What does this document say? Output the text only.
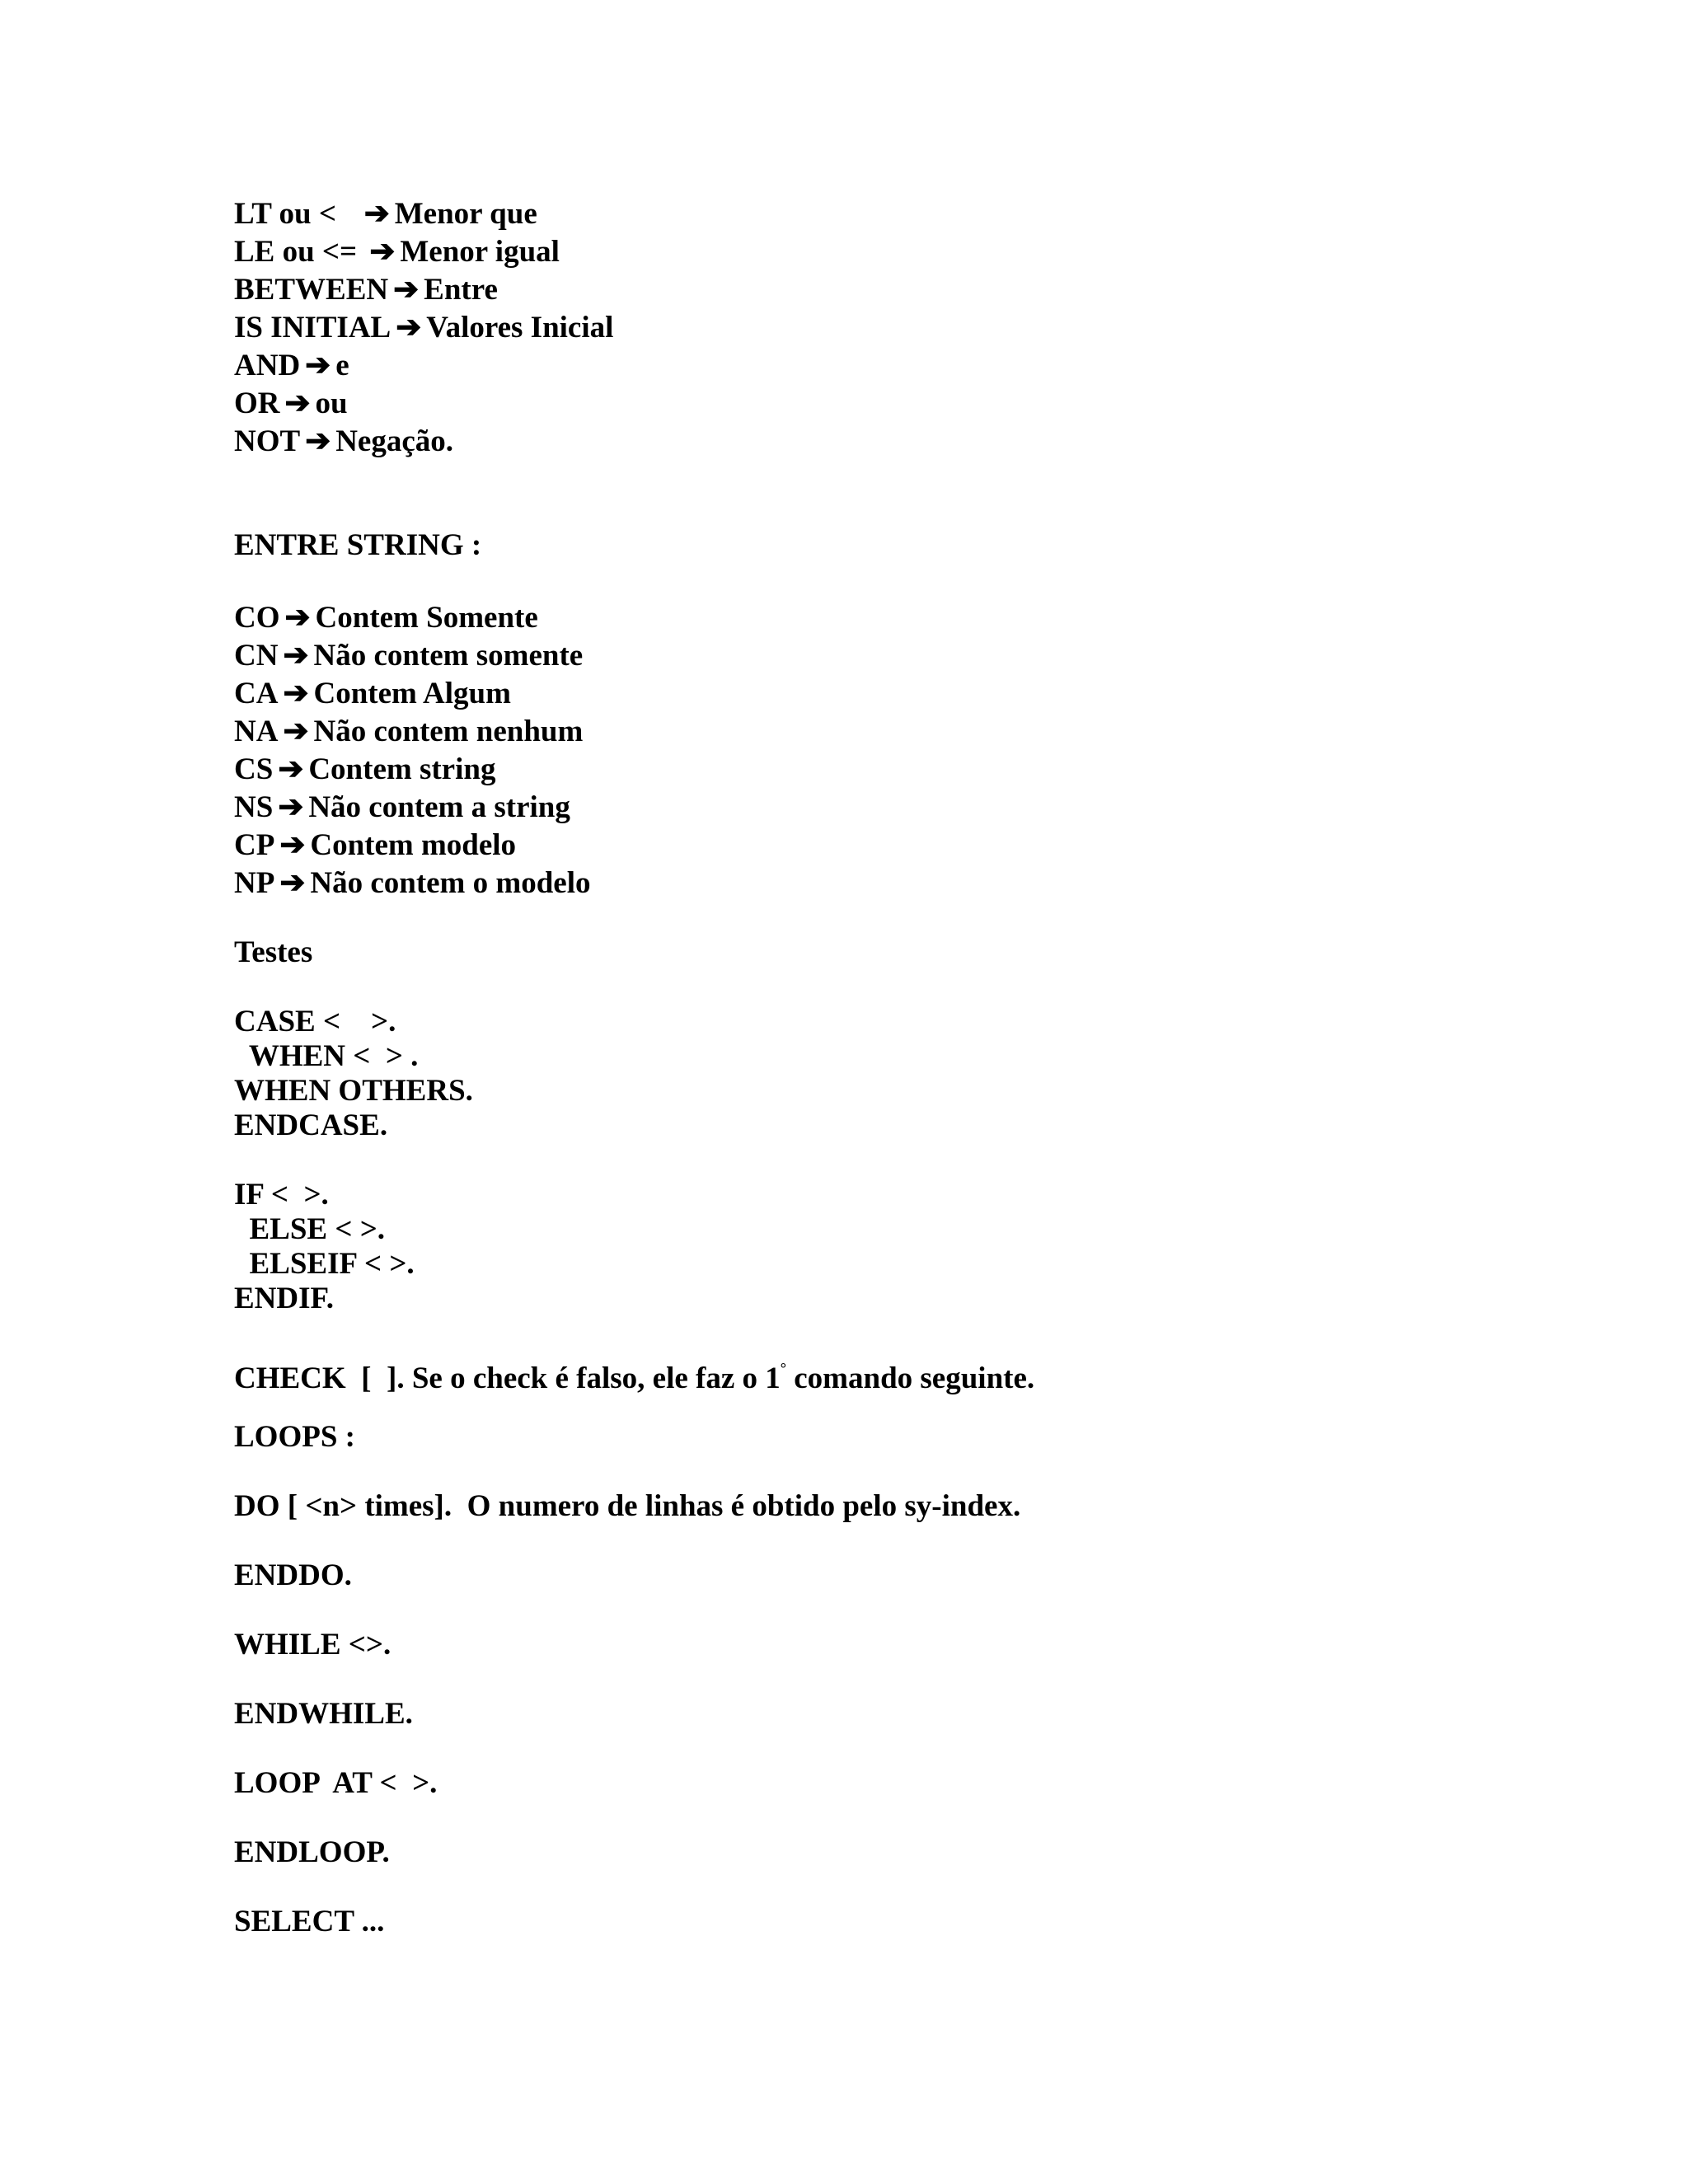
LT ou <   ➔ Menor que
LE ou <= ➔ Menor igual
BETWEEN ➔ Entre
IS INITIAL ➔ Valores Inicial
AND ➔ e
OR ➔ ou
NOT ➔ Negação.
ENTRE STRING :
CO ➔ Contem Somente
CN ➔ Não contem somente
CA ➔ Contem Algum
NA ➔ Não contem nenhum
CS ➔ Contem string
NS ➔ Não contem a string
CP ➔ Contem modelo
NP ➔ Não contem o modelo
Testes
CASE <    >.
WHEN <  > .
WHEN OTHERS.
ENDCASE.
IF <  >.
ELSE < >.
ELSEIF < >.
ENDIF.
CHECK  [  ]. Se o check é falso, ele faz o 1° comando seguinte.
LOOPS :
DO [ <n> times].  O numero de linhas é obtido pelo sy-index.
ENDDO.
WHILE <>.
ENDWHILE.
LOOP  AT <  >.
ENDLOOP.
SELECT ...
